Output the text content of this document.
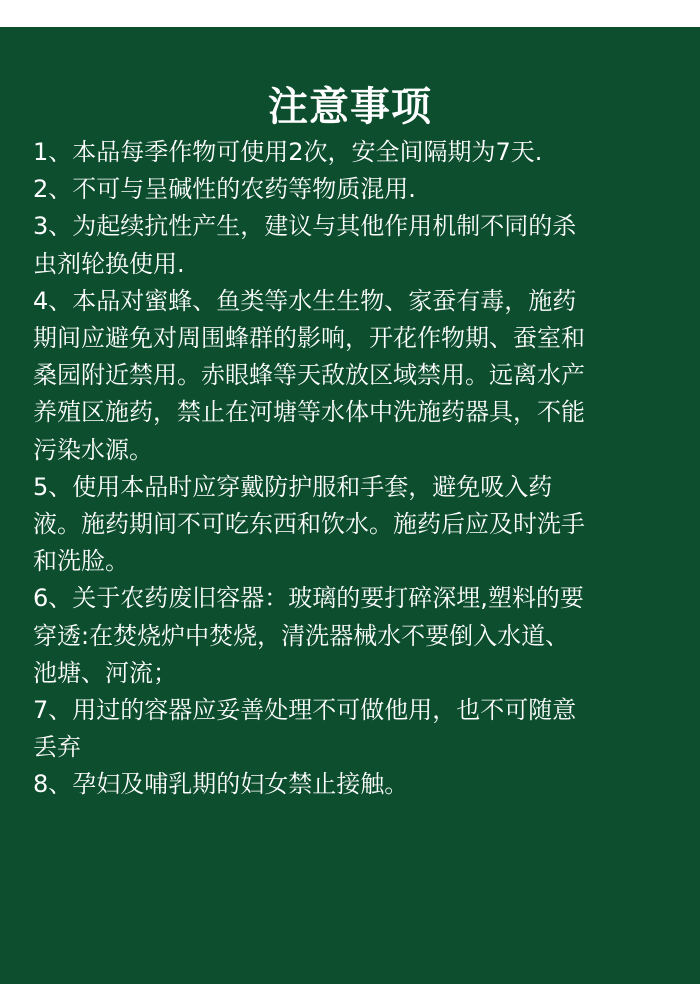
注意事项
1、本品每季作物可使用2次，安全间隔期为7天.
2、不可与呈碱性的农药等物质混用.
3、为起续抗性产生，建议与其他作用机制不同的杀
虫剂轮换使用.
4、本品对蜜蜂、鱼类等水生生物、家蚕有毒，施药
期间应避免对周围蜂群的影响，开花作物期、蚕室和
桑园附近禁用。赤眼蜂等天敌放区域禁用。远离水产
养殖区施药，禁止在河塘等水体中洗施药器具，不能
污染水源。
5、使用本品时应穿戴防护服和手套，避免吸入药
液。施药期间不可吃东西和饮水。施药后应及时洗手
和洗脸。
6、关于农药废旧容器：玻璃的要打碎深埋,塑料的要
穿透:在焚烧炉中焚烧，清洗器械水不要倒入水道、
池塘、河流；
7、用过的容器应妥善处理不可做他用，也不可随意
丢弃
8、孕妇及哺乳期的妇女禁止接触。
